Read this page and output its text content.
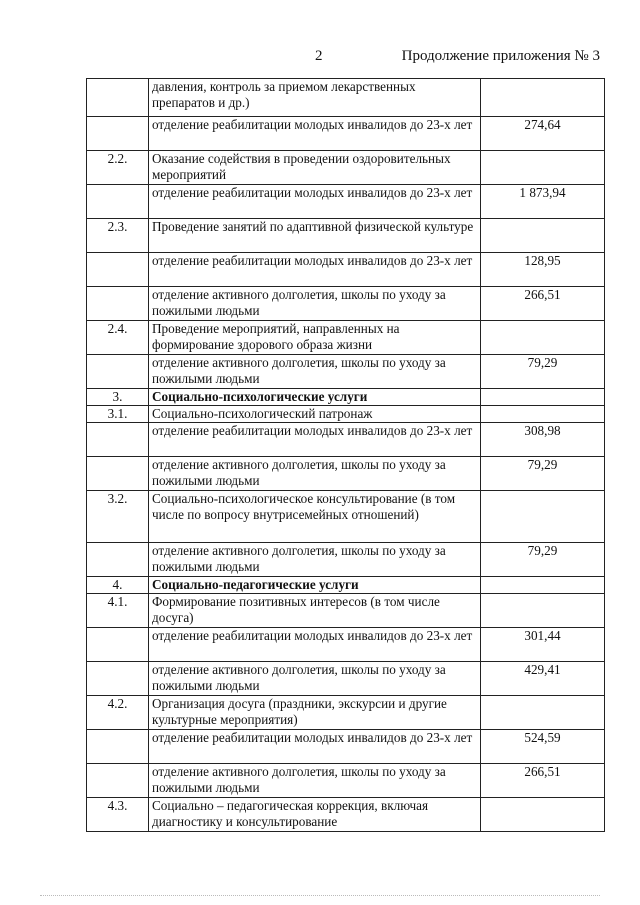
2	Продолжение приложения № 3
	давления, контроль за приемом лекарственных препаратов и др.)	
	отделение реабилитации молодых инвалидов до 23-х лет	274,64
2.2.	Оказание содействия в проведении оздоровительных мероприятий	
	отделение реабилитации молодых инвалидов до 23-х лет	1 873,94
2.3.	Проведение занятий по адаптивной физической культуре	
	отделение реабилитации молодых инвалидов до 23-х лет	128,95
	отделение активного долголетия, школы по уходу за пожилыми людьми	266,51
2.4.	Проведение мероприятий, направленных на формирование здорового образа жизни	
	отделение активного долголетия, школы по уходу за пожилыми людьми	79,29
3.	Социально-психологические услуги	
3.1.	Социально-психологический патронаж	
	отделение реабилитации молодых инвалидов до 23-х лет	308,98
	отделение активного долголетия, школы по уходу за пожилыми людьми	79,29
3.2.	Социально-психологическое консультирование (в том числе по вопросу внутрисемейных отношений)	
	отделение активного долголетия, школы по уходу за пожилыми людьми	79,29
4.	Социально-педагогические услуги	
4.1.	Формирование позитивных интересов (в том числе досуга)	
	отделение реабилитации молодых инвалидов до 23-х лет	301,44
	отделение активного долголетия, школы по уходу за пожилыми людьми	429,41
4.2.	Организация досуга (праздники, экскурсии и другие культурные мероприятия)	
	отделение реабилитации молодых инвалидов до 23-х лет	524,59
	отделение активного долголетия, школы по уходу за пожилыми людьми	266,51
4.3.	Социально – педагогическая коррекция, включая диагностику и консультирование	
